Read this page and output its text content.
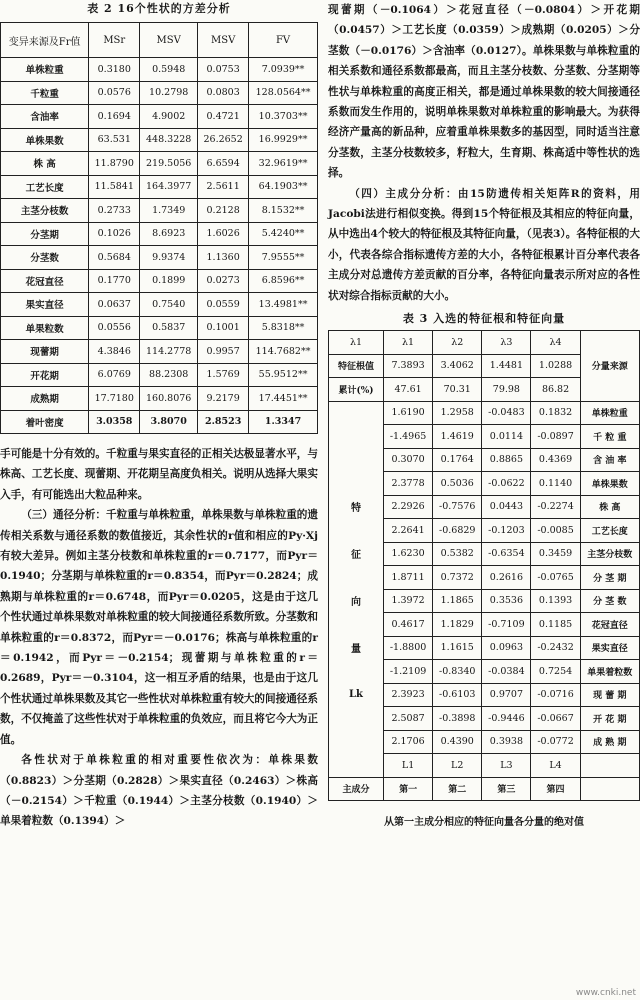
表 2 16个性状的方差分析
变异来源及Fr值	MSr	MSV	MSV	FV
单株粒重	0.3180	0.5948	0.0753	7.0939**
千粒重	0.0576	10.2798	0.0803	128.0564**
含油率	0.1694	4.9002	0.4721	10.3703**
单株果数	63.531	448.3228	26.2652	16.9929**
株 高	11.8790	219.5056	6.6594	32.9619**
工艺长度	11.5841	164.3977	2.5611	64.1903**
主茎分枝数	0.2733	1.7349	0.2128	8.1532**
分茎期	0.1026	8.6923	1.6026	5.4240**
分茎数	0.5684	9.9374	1.1360	7.9555**
花冠直径	0.1770	0.1899	0.0273	6.8596**
果实直径	0.0637	0.7540	0.0559	13.4981**
单果粒数	0.0556	0.5837	0.1001	5.8318**
现蕾期	4.3846	114.2778	0.9957	114.7682**
开花期	6.0769	88.2308	1.5769	55.9512**
成熟期	17.7180	160.8076	9.2179	17.4451**
着叶密度	3.0358	3.8070	2.8523	1.3347

手可能是十分有效的。千粒重与果实直径的正相关达极显著水平，与株高、工艺长度、现蕾期、开花期呈高度负相关。说明从选择大果实入手，有可能选出大粒品种来。

（三）通径分析：千粒重与单株粒重，单株果数与单株粒重的遗传相关系数与通径系数的数值接近，其余性状的r值和相应的Py·Xj有较大差异。例如主茎分枝数和单株粒重的r＝0.7177，而Pyr＝0.1940；分茎期与单株粒重的r＝0.8354，而Pyr＝0.2824；成熟期与单株粒重的r＝0.6748，而Pyr＝0.0205，这是由于这几个性状通过单株果数对单株粒重的较大间接通径系数所致。分茎数和单株粒重的r＝0.8372，而Pyr＝－0.0176；株高与单株粒重的r＝0.1942，而Pyr＝－0.2154；现蕾期与单株粒重的r＝0.2689，Pyr＝－0.3104，这一相互矛盾的结果，也是由于这几个性状通过单株果数及其它一些性状对单株粒重有较大的间接通径系数，不仅掩盖了这些性状对于单株粒重的负效应，而且将它今大为正值。

各性状对于单株粒重的相对重要性依次为：单株果数（0.8823）＞分茎期（0.2828）＞果实直径（0.2463）＞株高（－0.2154）＞千粒重（0.1944）＞主茎分枝数（0.1940）＞单果着粒数（0.1394）＞

现蕾期（－0.1064）＞花冠直径（－0.0804）＞开花期（0.0457）＞工艺长度（0.0359）＞成熟期（0.0205）＞分茎数（－0.0176）＞含油率（0.0127）。单株果数与单株粒重的相关系数和通径系数都最高，而且主茎分枝数、分茎数、分茎期等性状与单株粒重的高度正相关，都是通过单株果数的较大间接通径系数而发生作用的，说明单株果数对单株粒重的影响最大。为获得经济产量高的新品种，应着重单株果数多的基因型，同时适当注意分茎数，主茎分枝数较多，籽粒大，生育期、株高适中等性状的选择。

（四）主成分分析：由15防遗传相关矩阵R的资料，用Jacobi法进行相似变换。得到15个特征根及其相应的特征向量，从中选出4个较大的特征根及其特征向量，（见表3）。各特征根的大小，代表各综合指标遗传方差的大小，各特征根累计百分率代表各主成分对总遗传方差贡献的百分率，各特征向量表示所对应的各性状对综合指标贡献的大小。

表 3 入选的特征根和特征向量
λ1	λ1	λ2	λ3	λ4	分量来源
特征根值	7.3893	3.4062	1.4481	1.0288	
累计(%)	47.61	70.31	79.98	86.82	
	1.6190	1.2958	-0.0483	0.1832	单株粒重
	-1.4965	1.4619	0.0114	-0.0897	千 粒 重
	0.3070	0.1764	0.8865	0.4369	含 油 率
	2.3778	0.5036	-0.0622	0.1140	单株果数
特	2.2926	-0.7576	0.0443	-0.2274	株 高
	2.2641	-0.6829	-0.1203	-0.0085	工艺长度
征	1.6230	0.5382	-0.6354	0.3459	主茎分枝数
	1.8711	0.7372	0.2616	-0.0765	分 茎 期
向	1.3972	1.1865	0.3536	0.1393	分 茎 数
	0.4617	1.1829	-0.7109	0.1185	花冠直径
量	-1.8800	1.1615	0.0963	-0.2432	果实直径
	-1.2109	-0.8340	-0.0384	0.7254	单果着粒数
Lk	2.3923	-0.6103	0.9707	-0.0716	现 蕾 期
	2.5087	-0.3898	-0.9446	-0.0667	开 花 期
	2.1706	0.4390	0.3938	-0.0772	成 熟 期
	L1	L2	L3	L4	
主成分	第一	第二	第三	第四	
从第一主成分相应的特征向量各分量的绝对值
www.cnki.net
